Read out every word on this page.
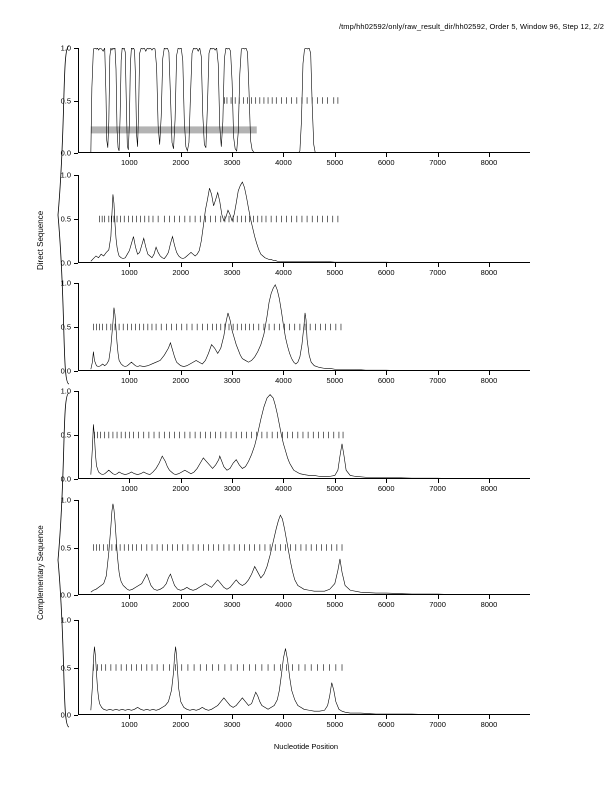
/tmp/hh02592/only/raw_result_dir/hh02592, Order 5, Window 96, Step 12, 2/2
0.0
0.5
1.0
1000	2000	3000	4000	5000	6000	7000	8000
0.0
0.5
1.0
1000	2000	3000	4000	5000	6000	7000	8000
0.0
0.5
1.0
1000	2000	3000	4000	5000	6000	7000	8000
0.0
0.5
1.0
1000	2000	3000	4000	5000	6000	7000	8000
0.0
0.5
1.0
1000	2000	3000	4000	5000	6000	7000	8000
0.0
0.5
1.0
1000	2000	3000	4000	5000	6000	7000	8000
Direct Sequence
Complementary Sequence
Nucleotide Position
